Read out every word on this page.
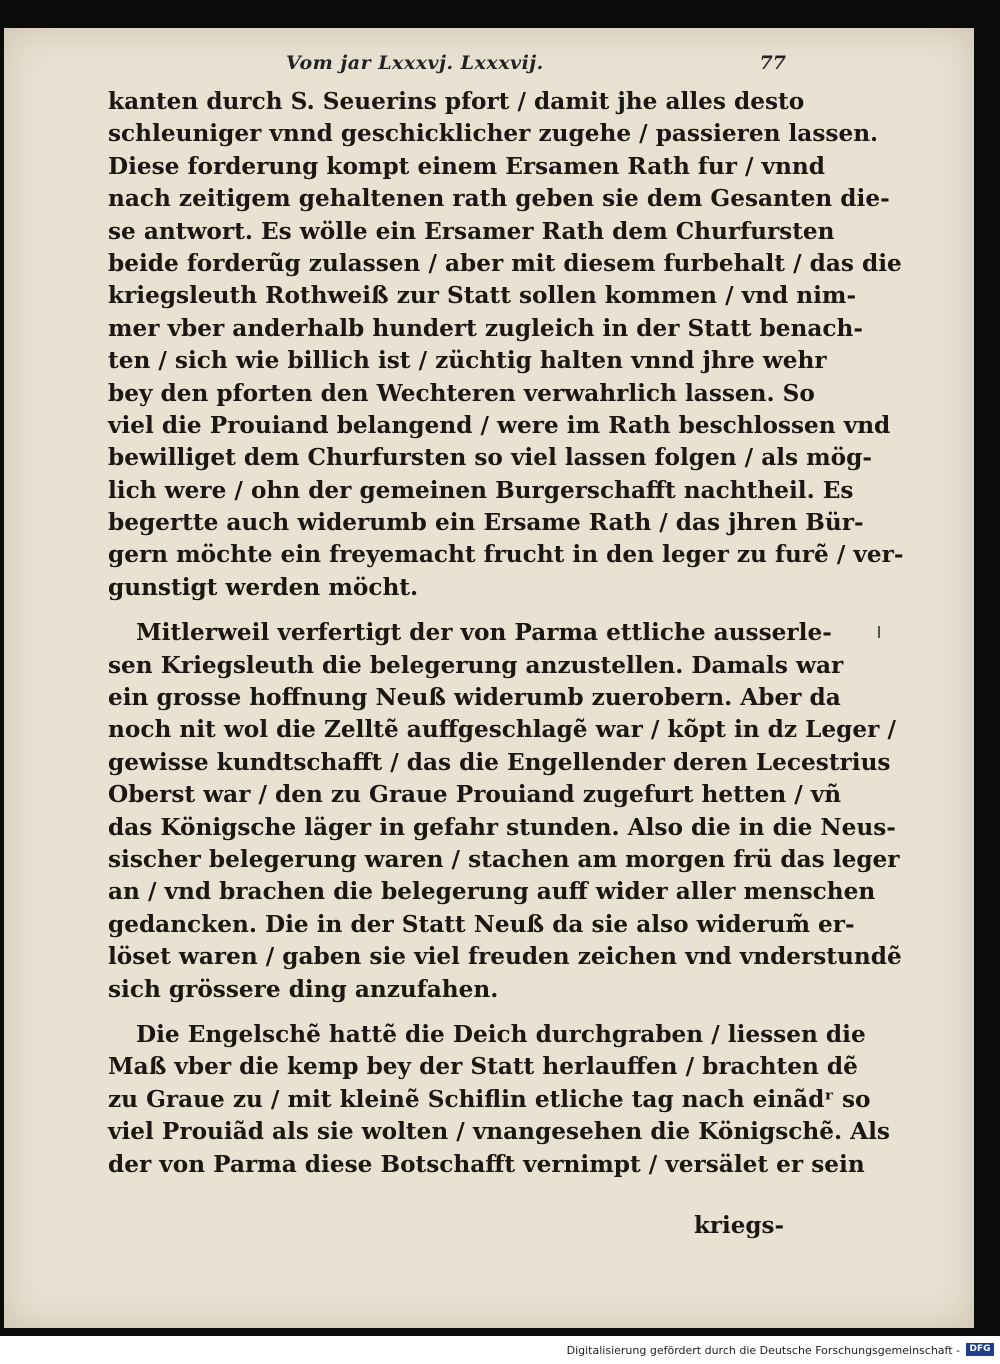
Vom jar Lxxxvj. Lxxxvij.	77
kanten durch S. Seuerins pfort / damit jhe alles desto
schleuniger vnnd geschicklicher zugehe / passieren lassen.
Diese forderung kompt einem Ersamen Rath fur / vnnd
nach zeitigem gehaltenen rath geben sie dem Gesanten die-
se antwort. Es wölle ein Ersamer Rath dem Churfursten
beide forderũg zulassen / aber mit diesem furbehalt / das die
kriegsleuth Rothweiß zur Statt sollen kommen / vnd nim-
mer vber anderhalb hundert zugleich in der Statt benach-
ten / sich wie billich ist / züchtig halten vnnd jhre wehr
bey den pforten den Wechteren verwahrlich lassen. So
viel die Prouiand belangend / were im Rath beschlossen vnd
bewilliget dem Churfursten so viel lassen folgen / als mög-
lich were / ohn der gemeinen Burgerschafft nachtheil. Es
begertte auch widerumb ein Ersame Rath / das jhren Bür-
gern möchte ein freyemacht frucht in den leger zu furẽ / ver-
gunstigt werden möcht.
Mitlerweil verfertigt der von Parma ettliche ausserle-
sen Kriegsleuth die belegerung anzustellen. Damals war
ein grosse hoffnung Neuß widerumb zuerobern. Aber da
noch nit wol die Zelltẽ auffgeschlagẽ war / kõpt in dz Leger /
gewisse kundtschafft / das die Engellender deren Lecestrius
Oberst war / den zu Graue Prouiand zugefurt hetten / vñ
das Königsche läger in gefahr stunden. Also die in die Neus-
sischer belegerung waren / stachen am morgen frü das leger
an / vnd brachen die belegerung auff wider aller menschen
gedancken. Die in der Statt Neuß da sie also widerum̃ er-
löset waren / gaben sie viel freuden zeichen vnd vnderstundẽ
sich grössere ding anzufahen.
Die Engelschẽ hattẽ die Deich durchgraben / liessen die
Maß vber die kemp bey der Statt herlauffen / brachten dẽ
zu Graue zu / mit kleinẽ Schiflin etliche tag nach einãdʳ so
viel Prouiãd als sie wolten / vnangesehen die Königschẽ. Als
der von Parma diese Botschafft vernimpt / versälet er sein
kriegs-
Digitalisierung gefördert durch die Deutsche Forschungsgemeinschaft -	DFG
